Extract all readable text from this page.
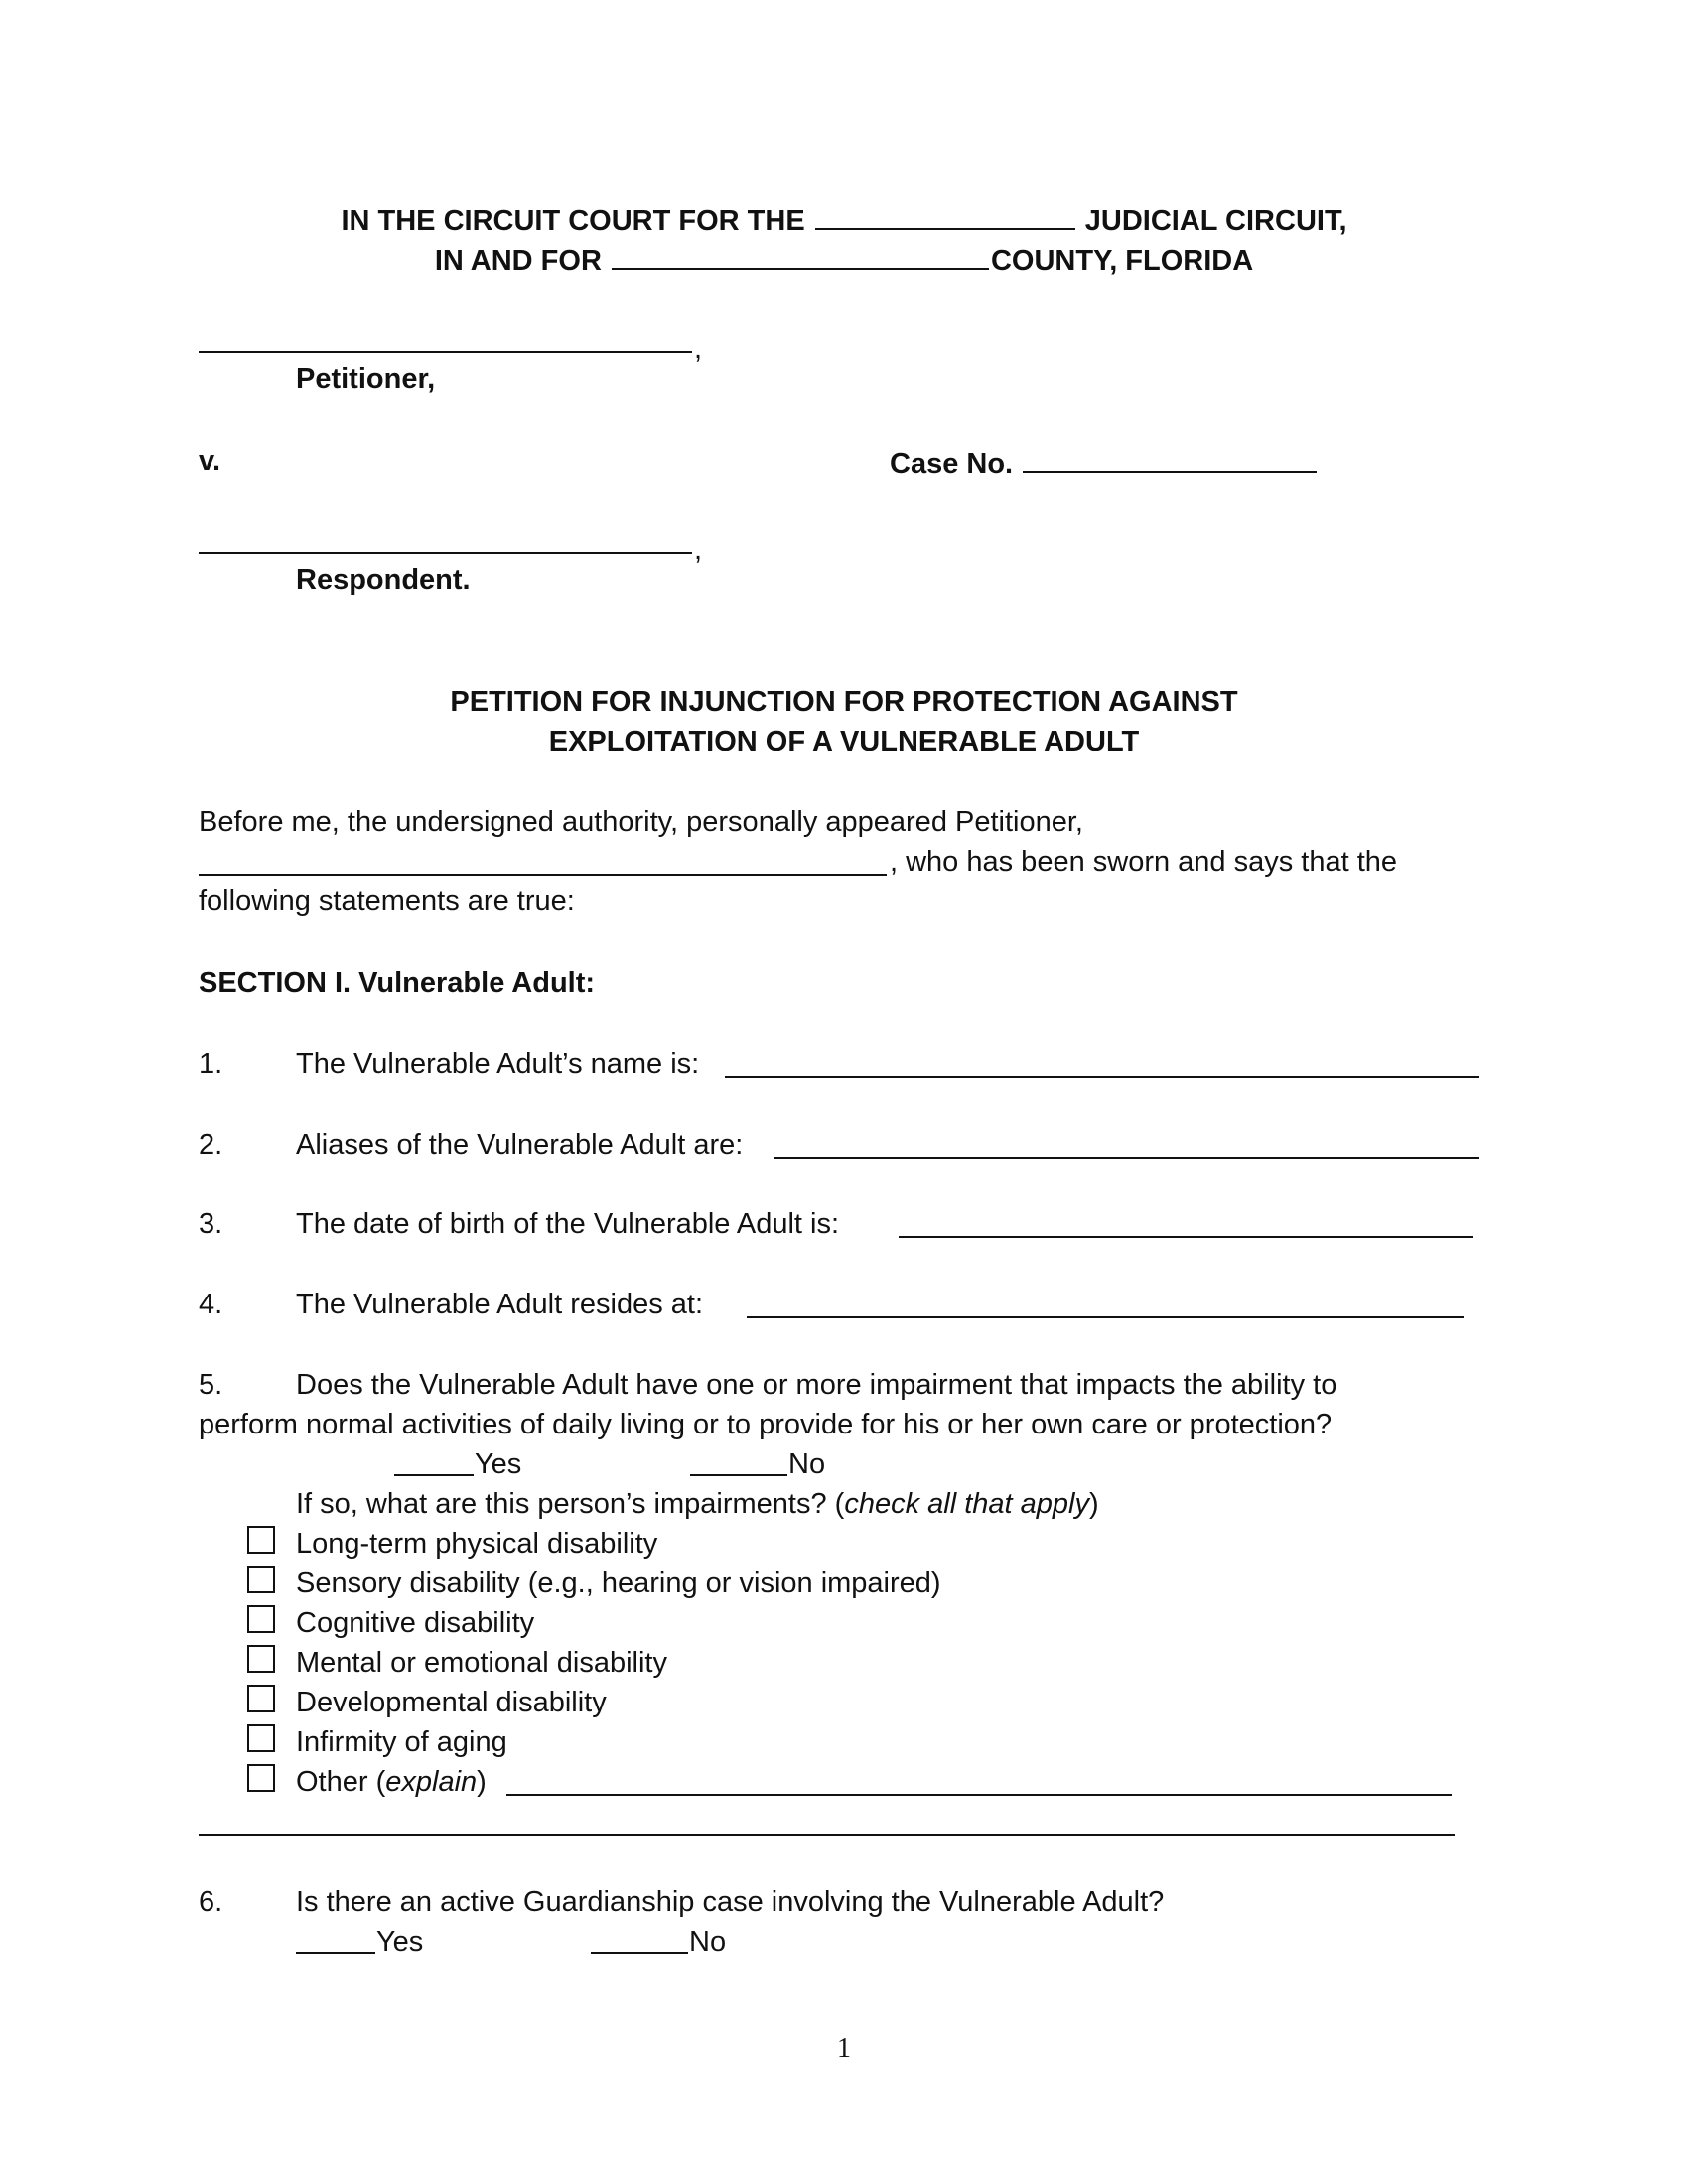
IN THE CIRCUIT COURT FOR THE	JUDICIAL CIRCUIT,
IN AND FOR	COUNTY, FLORIDA
,
Petitioner,
v.	Case No.
,
Respondent.
PETITION FOR INJUNCTION FOR PROTECTION AGAINST
EXPLOITATION OF A VULNERABLE ADULT
Before me, the undersigned authority, personally appeared Petitioner,
, who has been sworn and says that the
following statements are true:
SECTION I. Vulnerable Adult:
1.	The Vulnerable Adult’s name is:
2.	Aliases of the Vulnerable Adult are:
3.	The date of birth of the Vulnerable Adult is:
4.	The Vulnerable Adult resides at:
5.	Does the Vulnerable Adult have one or more impairment that impacts the ability to
perform normal activities of daily living or to provide for his or her own care or protection?
Yes	No
If so, what are this person’s impairments? (check all that apply)
Long-term physical disability
Sensory disability (e.g., hearing or vision impaired)
Cognitive disability
Mental or emotional disability
Developmental disability
Infirmity of aging
Other (explain)
6.	Is there an active Guardianship case involving the Vulnerable Adult?
Yes	No
1
